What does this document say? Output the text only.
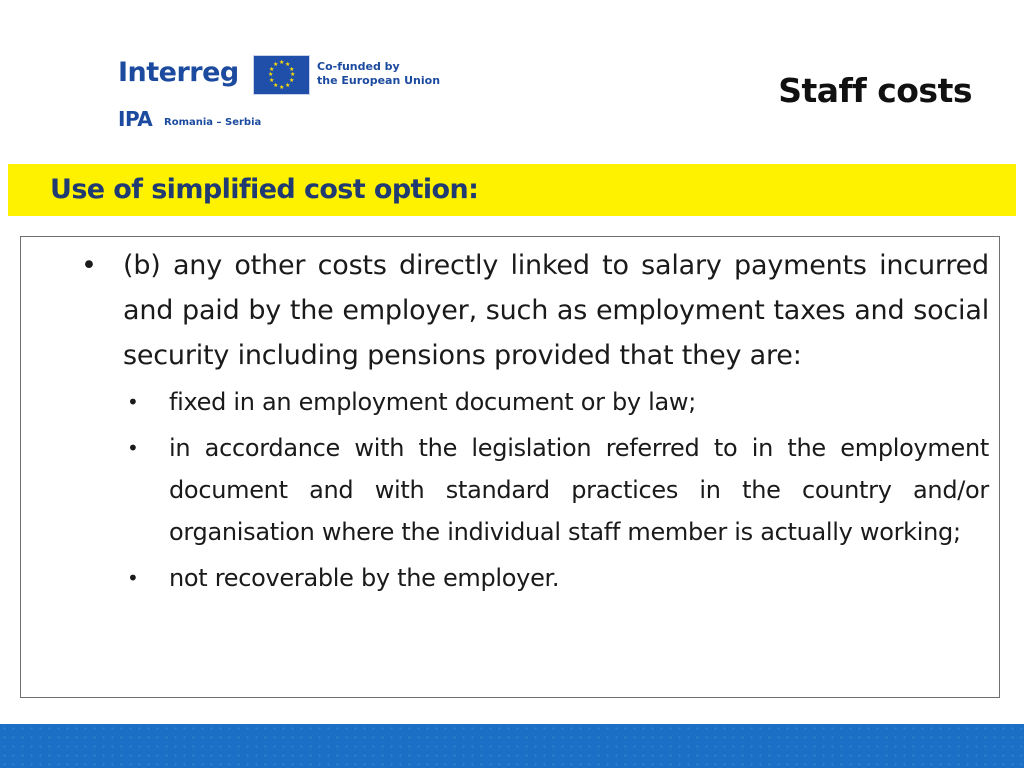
Interreg	★ ★
★
★
★
★
★
★
★
★
★
★	Co-funded by
the European Union
IPA Romania – Serbia
Staff costs
Use of simplified cost option:
• (b) any other costs directly linked to salary payments incurred and paid by the employer, such as employment taxes and social security including pensions provided that they are:
• fixed in an employment document or by law;
• in accordance with the legislation referred to in the employment document and with standard practices in the country and/or organisation where the individual staff member is actually working;
• not recoverable by the employer.
